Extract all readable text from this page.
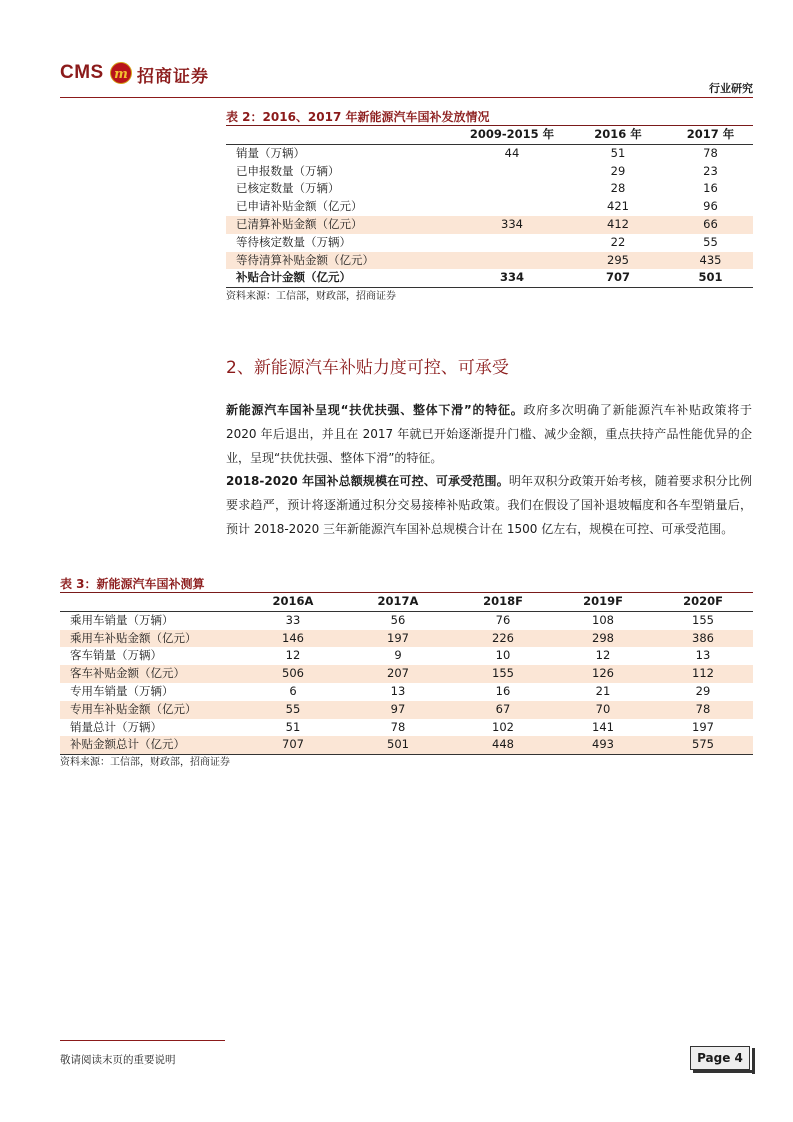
CMS m 招商证券
行业研究
表 2：2016、2017 年新能源汽车国补发放情况
	2009-2015 年	2016 年	2017 年
销量（万辆）	44	51	78
已申报数量（万辆）		29	23
已核定数量（万辆）		28	16
已申请补贴金额（亿元）		421	96
已清算补贴金额（亿元）	334	412	66
等待核定数量（万辆）		22	55
等待清算补贴金额（亿元）		295	435
补贴合计金额（亿元）	334	707	501
资料来源：工信部，财政部，招商证券
2、新能源汽车补贴力度可控、可承受
新能源汽车国补呈现“扶优扶强、整体下滑”的特征。政府多次明确了新能源汽车补贴政策将于 2020 年后退出，并且在 2017 年就已开始逐渐提升门槛、减少金额，重点扶持产品性能优异的企业，呈现“扶优扶强、整体下滑”的特征。
2018-2020 年国补总额规模在可控、可承受范围。明年双积分政策开始考核，随着要求积分比例要求趋严，预计将逐渐通过积分交易接棒补贴政策。我们在假设了国补退坡幅度和各车型销量后，预计 2018-2020 三年新能源汽车国补总规模合计在 1500 亿左右，规模在可控、可承受范围。
表 3：新能源汽车国补测算
	2016A	2017A	2018F	2019F	2020F
乘用车销量（万辆）	33	56	76	108	155
乘用车补贴金额（亿元）	146	197	226	298	386
客车销量（万辆）	12	9	10	12	13
客车补贴金额（亿元）	506	207	155	126	112
专用车销量（万辆）	6	13	16	21	29
专用车补贴金额（亿元）	55	97	67	70	78
销量总计（万辆）	51	78	102	141	197
补贴金额总计（亿元）	707	501	448	493	575
资料来源：工信部，财政部，招商证券
敬请阅读末页的重要说明	Page 4
